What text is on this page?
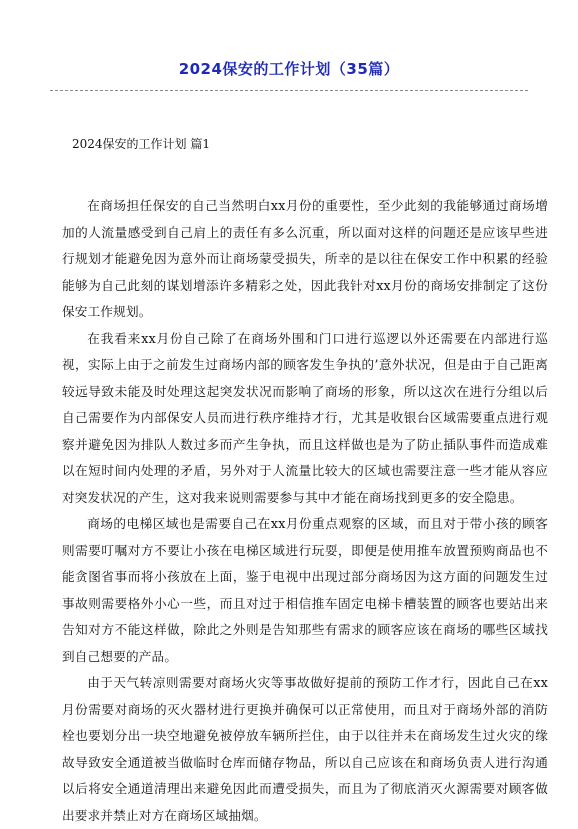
2024保安的工作计划（35篇）
2024保安的工作计划 篇1

在商场担任保安的自己当然明白xx月份的重要性，至少此刻的我能够通过商场增加的人流量感受到自己肩上的责任有多么沉重，所以面对这样的问题还是应该早些进行规划才能避免因为意外而让商场蒙受损失，所幸的是以往在保安工作中积累的经验能够为自己此刻的谋划增添许多精彩之处，因此我针对xx月份的商场安排制定了这份保安工作规划。

在我看来xx月份自己除了在商场外围和门口进行巡逻以外还需要在内部进行巡视，实际上由于之前发生过商场内部的顾客发生争执的’意外状况，但是由于自己距离较远导致未能及时处理这起突发状况而影响了商场的形象，所以这次在进行分组以后自己需要作为内部保安人员而进行秩序维持才行，尤其是收银台区域需要重点进行观察并避免因为排队人数过多而产生争执，而且这样做也是为了防止插队事件而造成难以在短时间内处理的矛盾，另外对于人流量比较大的区域也需要注意一些才能从容应对突发状况的产生，这对我来说则需要参与其中才能在商场找到更多的安全隐患。

商场的电梯区域也是需要自己在xx月份重点观察的区域，而且对于带小孩的顾客则需要叮嘱对方不要让小孩在电梯区域进行玩耍，即便是使用推车放置预购商品也不能贪图省事而将小孩放在上面，鉴于电视中出现过部分商场因为这方面的问题发生过事故则需要格外小心一些，而且对过于相信推车固定电梯卡槽装置的顾客也要站出来告知对方不能这样做，除此之外则是告知那些有需求的顾客应该在商场的哪些区域找到自己想要的产品。

由于天气转凉则需要对商场火灾等事故做好提前的预防工作才行，因此自己在xx月份需要对商场的灭火器材进行更换并确保可以正常使用，而且对于商场外部的消防栓也要划分出一块空地避免被停放车辆所拦住，由于以往并未在商场发生过火灾的缘故导致安全通道被当做临时仓库而储存物品，所以自己应该在和商场负责人进行沟通以后将安全通道清理出来避免因此而遭受损失，而且为了彻底消灭火源需要对顾客做出要求并禁止对方在商场区域抽烟。
